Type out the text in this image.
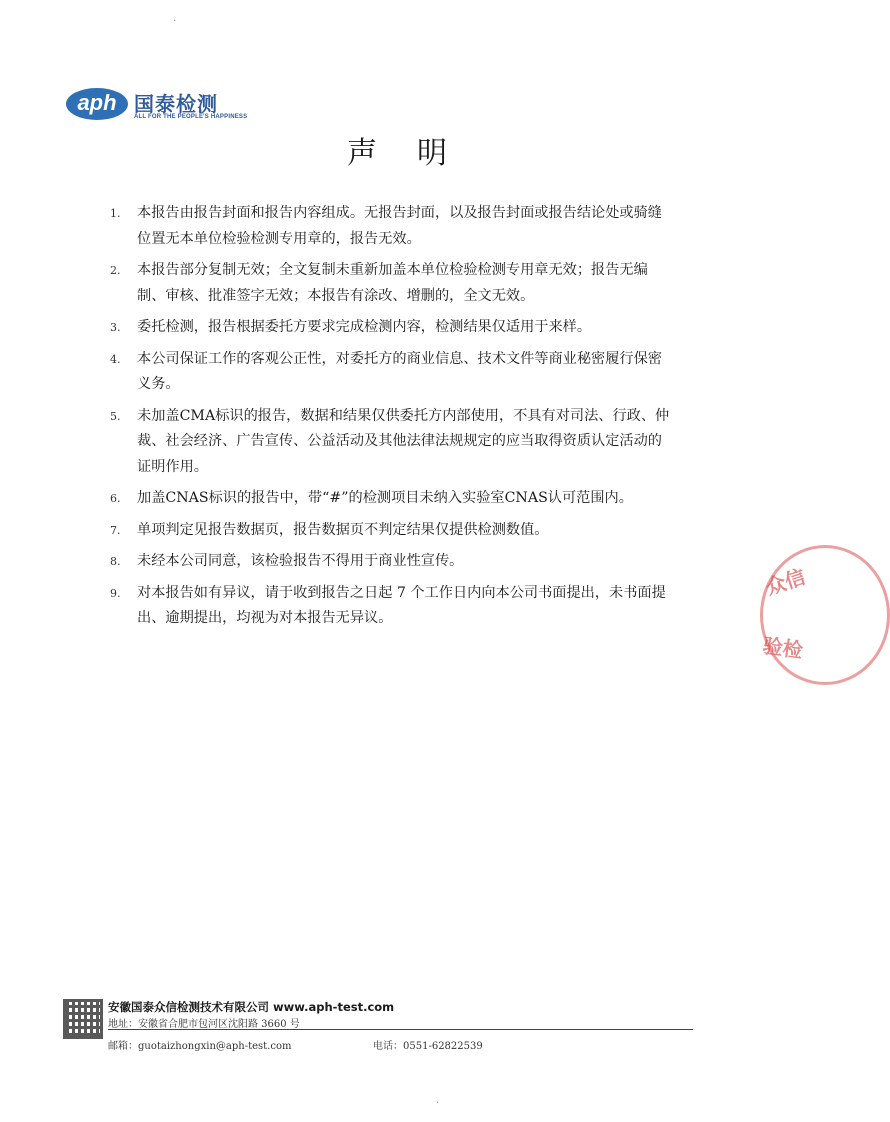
·
·
aph 国泰检测
ALL FOR THE PEOPLE'S HAPPINESS
声明
1. 本报告由报告封面和报告内容组成。无报告封面，以及报告封面或报告结论处或骑缝位置无本单位检验检测专用章的，报告无效。
2. 本报告部分复制无效；全文复制未重新加盖本单位检验检测专用章无效；报告无编制、审核、批准签字无效；本报告有涂改、增删的，全文无效。
3. 委托检测，报告根据委托方要求完成检测内容，检测结果仅适用于来样。
4. 本公司保证工作的客观公正性，对委托方的商业信息、技术文件等商业秘密履行保密义务。
5. 未加盖CMA标识的报告，数据和结果仅供委托方内部使用，不具有对司法、行政、仲裁、社会经济、广告宣传、公益活动及其他法律法规规定的应当取得资质认定活动的证明作用。
6. 加盖CNAS标识的报告中，带“#”的检测项目未纳入实验室CNAS认可范围内。
7. 单项判定见报告数据页，报告数据页不判定结果仅提供检测数值。
8. 未经本公司同意，该检验报告不得用于商业性宣传。
9. 对本报告如有异议，请于收到报告之日起 7 个工作日内向本公司书面提出，未书面提出、逾期提出，均视为对本报告无异议。
众信
验检
安徽国泰众信检测技术有限公司 www.aph-test.com
地址：安徽省合肥市包河区沈阳路 3660 号
邮箱：guotaizhongxin@aph-test.com	电话：0551-62822539
